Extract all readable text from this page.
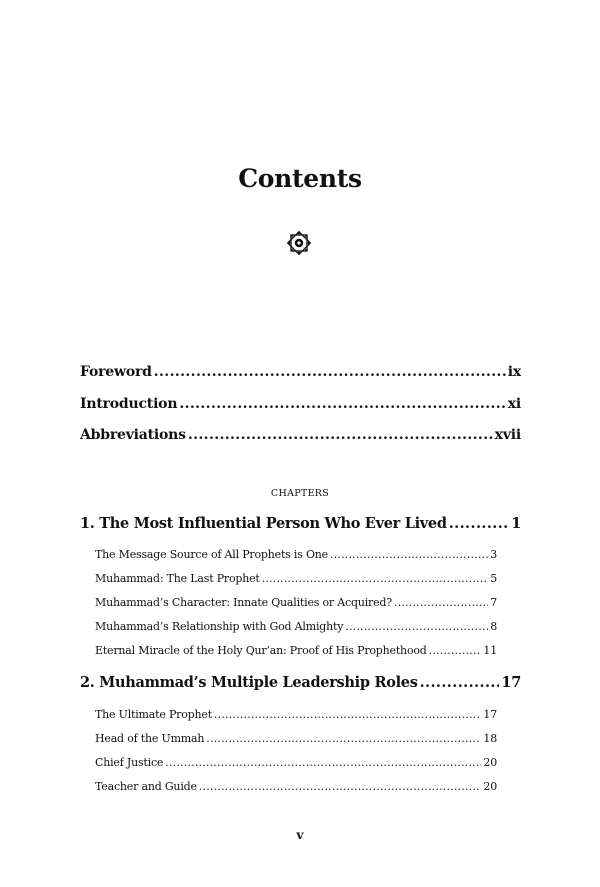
Contents
Foreword .....	ix
Introduction .....	xi
Abbreviations .....	xvii
CHAPTERS
1. The Most Influential Person Who Ever Lived .....	1
The Message Source of All Prophets is One .....	3
Muhammad: The Last Prophet .....	5
Muhammad’s Character: Innate Qualities or Acquired? .....	7
Muhammad’s Relationship with God Almighty .....	8
Eternal Miracle of the Holy Qur’an: Proof of His Prophethood .....	11
2. Muhammad’s Multiple Leadership Roles .....	17
The Ultimate Prophet .....	17
Head of the Ummah .....	18
Chief Justice .....	20
Teacher and Guide .....	20
v
